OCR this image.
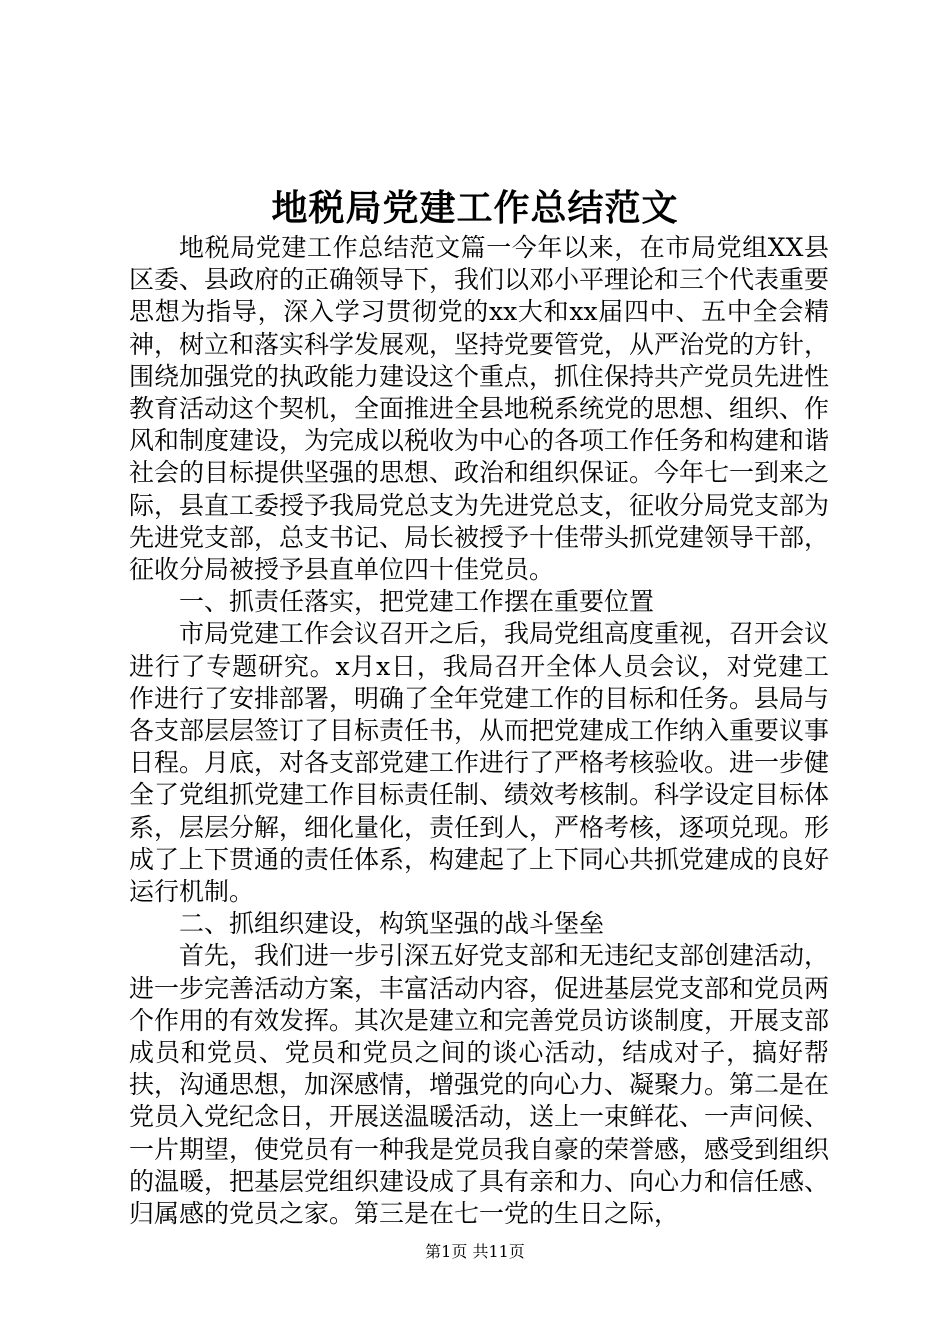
地税局党建工作总结范文

地税局党建工作总结范文篇一今年以来，在市局党组XX县区委、县政府的正确领导下，我们以邓小平理论和三个代表重要思想为指导，深入学习贯彻党的xx大和xx届四中、五中全会精神，树立和落实科学发展观，坚持党要管党，从严治党的方针，围绕加强党的执政能力建设这个重点，抓住保持共产党员先进性教育活动这个契机，全面推进全县地税系统党的思想、组织、作风和制度建设，为完成以税收为中心的各项工作任务和构建和谐社会的目标提供坚强的思想、政治和组织保证。今年七一到来之际，县直工委授予我局党总支为先进党总支，征收分局党支部为先进党支部，总支书记、局长被授予十佳带头抓党建领导干部，征收分局被授予县直单位四十佳党员。

一、抓责任落实，把党建工作摆在重要位置

市局党建工作会议召开之后，我局党组高度重视，召开会议进行了专题研究。x月x日，我局召开全体人员会议，对党建工作进行了安排部署，明确了全年党建工作的目标和任务。县局与各支部层层签订了目标责任书，从而把党建成工作纳入重要议事日程。月底，对各支部党建工作进行了严格考核验收。进一步健全了党组抓党建工作目标责任制、绩效考核制。科学设定目标体系，层层分解，细化量化，责任到人，严格考核，逐项兑现。形成了上下贯通的责任体系，构建起了上下同心共抓党建成的良好运行机制。

二、抓组织建设，构筑坚强的战斗堡垒

首先，我们进一步引深五好党支部和无违纪支部创建活动，进一步完善活动方案，丰富活动内容，促进基层党支部和党员两个作用的有效发挥。其次是建立和完善党员访谈制度，开展支部成员和党员、党员和党员之间的谈心活动，结成对子，搞好帮扶，沟通思想，加深感情，增强党的向心力、凝聚力。第二是在党员入党纪念日，开展送温暖活动，送上一束鲜花、一声问候、一片期望，使党员有一种我是党员我自豪的荣誉感，感受到组织的温暖，把基层党组织建设成了具有亲和力、向心力和信任感、归属感的党员之家。第三是在七一党的生日之际，

第1页 共11页
